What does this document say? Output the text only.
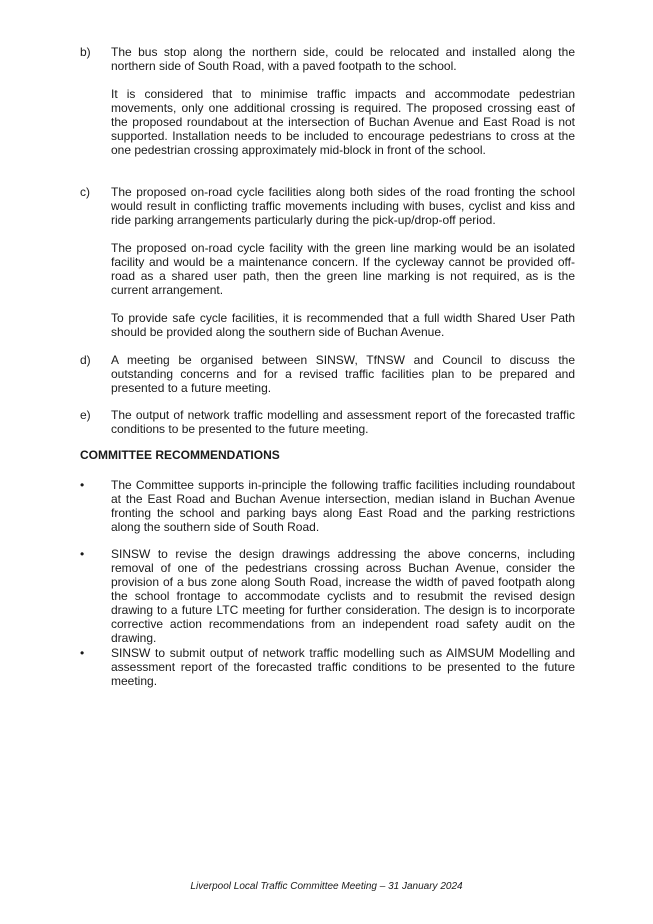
b) The bus stop along the northern side, could be relocated and installed along the northern side of South Road, with a paved footpath to the school.

It is considered that to minimise traffic impacts and accommodate pedestrian movements, only one additional crossing is required. The proposed crossing east of the proposed roundabout at the intersection of Buchan Avenue and East Road is not supported. Installation needs to be included to encourage pedestrians to cross at the one pedestrian crossing approximately mid-block in front of the school.

c) The proposed on-road cycle facilities along both sides of the road fronting the school would result in conflicting traffic movements including with buses, cyclist and kiss and ride parking arrangements particularly during the pick-up/drop-off period.

The proposed on-road cycle facility with the green line marking would be an isolated facility and would be a maintenance concern. If the cycleway cannot be provided off-road as a shared user path, then the green line marking is not required, as is the current arrangement.

To provide safe cycle facilities, it is recommended that a full width Shared User Path should be provided along the southern side of Buchan Avenue.

d) A meeting be organised between SINSW, TfNSW and Council to discuss the outstanding concerns and for a revised traffic facilities plan to be prepared and presented to a future meeting.

e) The output of network traffic modelling and assessment report of the forecasted traffic conditions to be presented to the future meeting.

COMMITTEE RECOMMENDATIONS
• The Committee supports in-principle the following traffic facilities including roundabout at the East Road and Buchan Avenue intersection, median island in Buchan Avenue fronting the school and parking bays along East Road and the parking restrictions along the southern side of South Road.

• SINSW to revise the design drawings addressing the above concerns, including removal of one of the pedestrians crossing across Buchan Avenue, consider the provision of a bus zone along South Road, increase the width of paved footpath along the school frontage to accommodate cyclists and to resubmit the revised design drawing to a future LTC meeting for further consideration. The design is to incorporate corrective action recommendations from an independent road safety audit on the drawing.

• SINSW to submit output of network traffic modelling such as AIMSUM Modelling and assessment report of the forecasted traffic conditions to be presented to the future meeting.

Liverpool Local Traffic Committee Meeting – 31 January 2024
